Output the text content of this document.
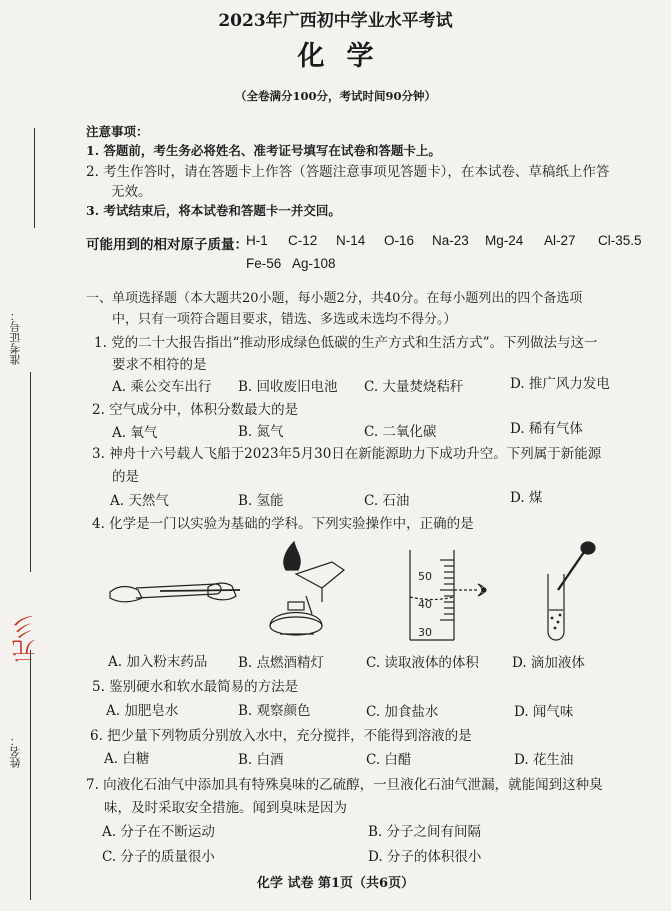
2023年广西初中学业水平考试
化学
（全卷满分100分，考试时间90分钟）
准考证号：
姓名：
元彡
注意事项：
1. 答题前，考生务必将姓名、准考证号填写在试卷和答题卡上。
2. 考生作答时，请在答题卡上作答（答题注意事项见答题卡），在本试卷、草稿纸上作答
无效。
3. 考试结束后，将本试卷和答题卡一并交回。
可能用到的相对原子质量：
H-1 C-12 N-14 O-16 Na-23 Mg-24 Al-27 Cl-35.5
Fe-56 Ag-108
一、单项选择题（本大题共20小题，每小题2分，共40分。在每小题列出的四个备选项
中，只有一项符合题目要求，错选、多选或未选均不得分。）
1. 党的二十大报告指出“推动形成绿色低碳的生产方式和生活方式”。下列做法与这一
要求不相符的是
A. 乘公交车出行 B. 回收废旧电池 C. 大量焚烧秸秆	D. 推广风力发电
2. 空气成分中，体积分数最大的是
A. 氧气	B. 氮气	C. 二氧化碳	D. 稀有气体
3. 神舟十六号载人飞船于2023年5月30日在新能源助力下成功升空。下列属于新能源
的是
A. 天然气	B. 氢能	C. 石油	D. 煤
4. 化学是一门以实验为基础的学科。下列实验操作中，正确的是
50
40
30
A. 加入粉末药品 B. 点燃酒精灯	C. 读取液体的体积 D. 滴加液体
5. 鉴别硬水和软水最简易的方法是
A. 加肥皂水	B. 观察颜色	C. 加食盐水	D. 闻气味
6. 把少量下列物质分别放入水中，充分搅拌，不能得到溶液的是
A. 白糖	B. 白酒	C. 白醋	D. 花生油
7. 向液化石油气中添加具有特殊臭味的乙硫醇，一旦液化石油气泄漏，就能闻到这种臭
味，及时采取安全措施。闻到臭味是因为
A. 分子在不断运动	B. 分子之间有间隔
C. 分子的质量很小	D. 分子的体积很小
化学 试卷 第1页（共6页）
